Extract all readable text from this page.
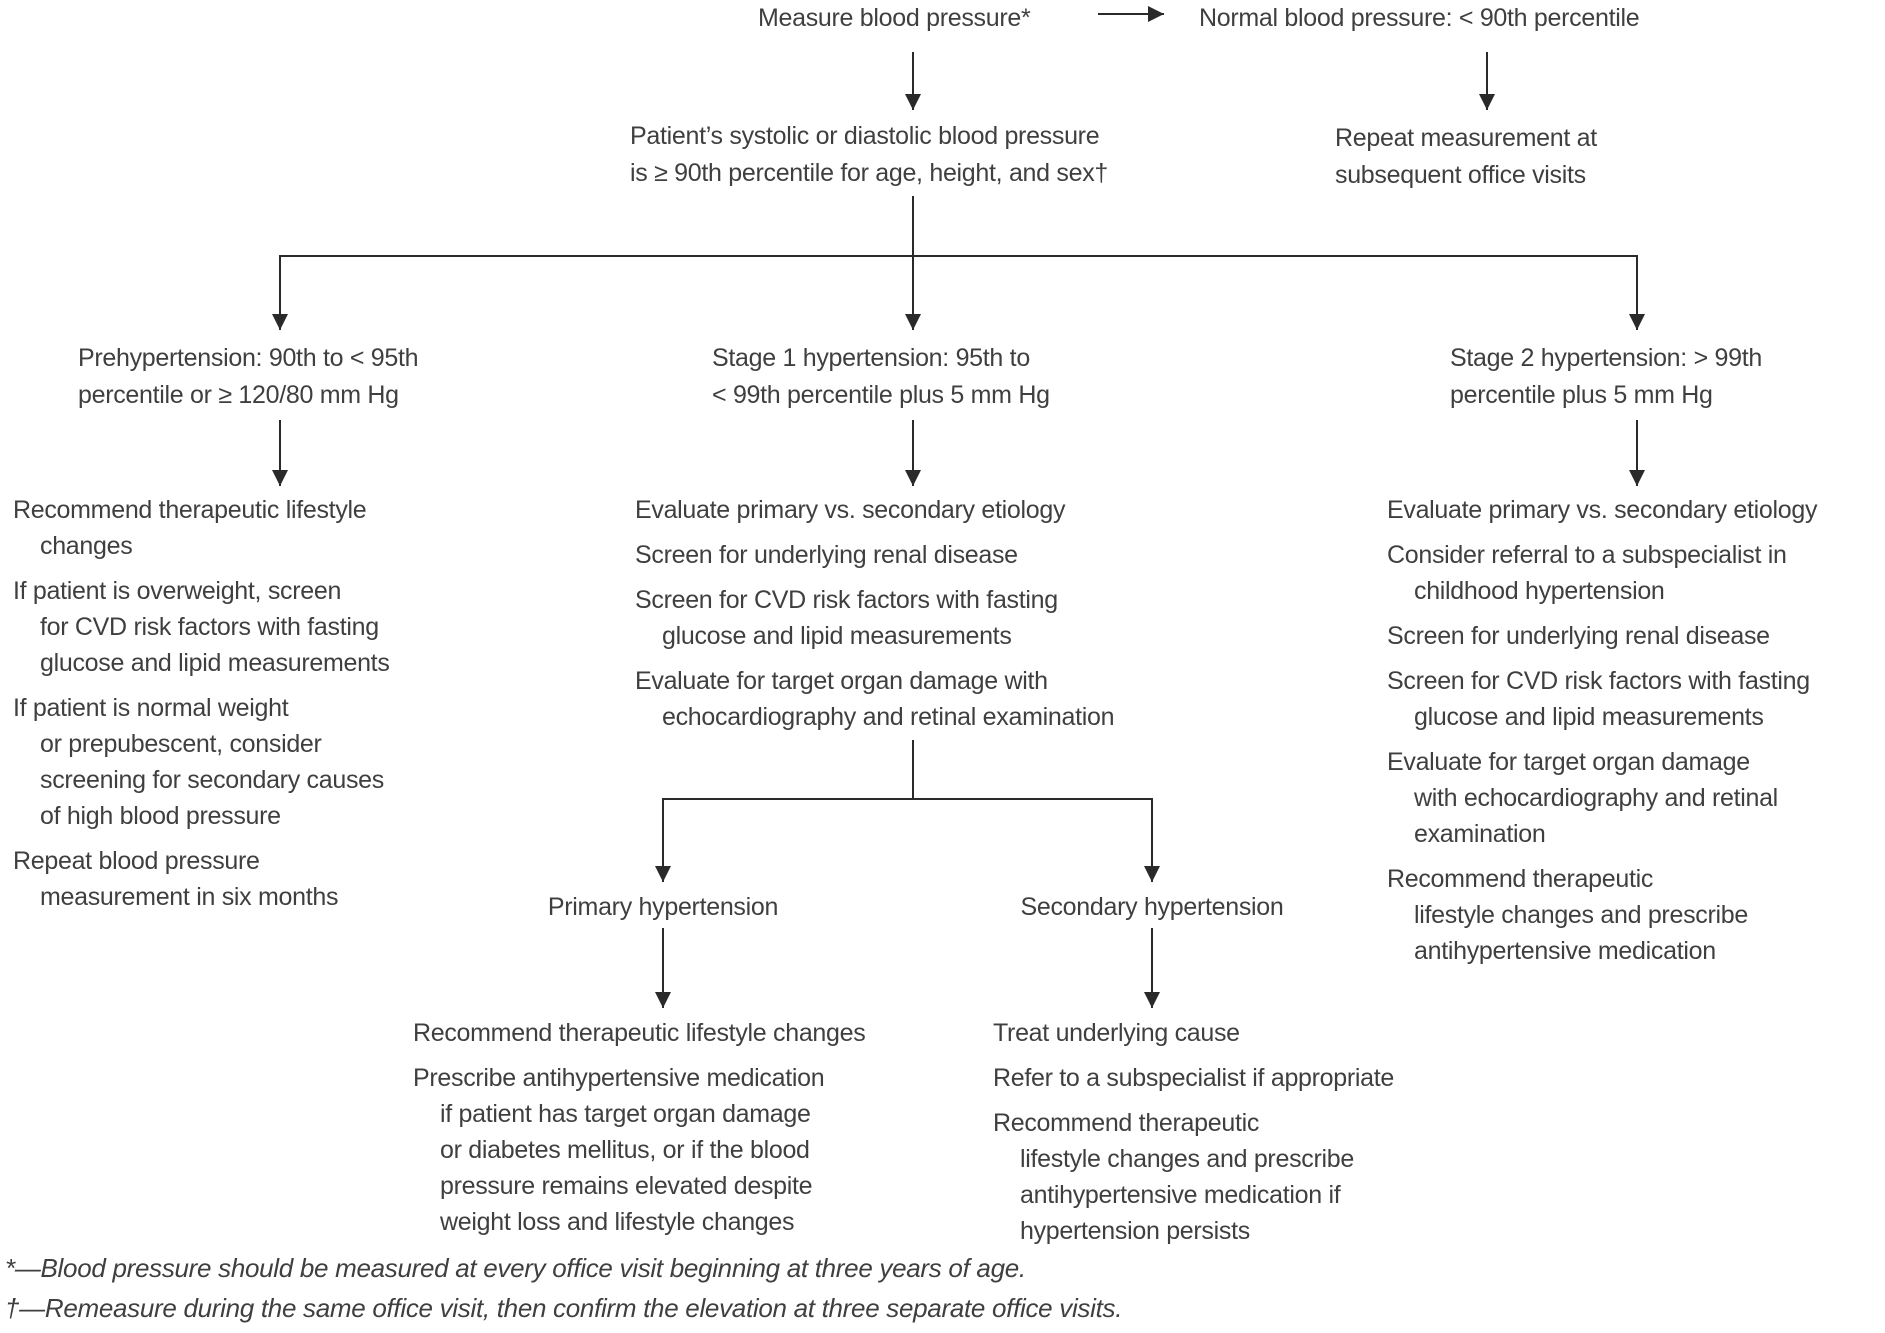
Measure blood pressure*	Normal blood pressure: < 90th percentile
Patient’s systolic or diastolic blood pressure
is ≥ 90th percentile for age, height, and sex†
Repeat measurement at
subsequent office visits
Prehypertension: 90th to < 95th
percentile or ≥ 120/80 mm Hg
Stage 1 hypertension: 95th to
< 99th percentile plus 5 mm Hg
Stage 2 hypertension: > 99th
percentile plus 5 mm Hg
Recommend therapeutic lifestyle
changes
If patient is overweight, screen
for CVD risk factors with fasting
glucose and lipid measurements
If patient is normal weight
or prepubescent, consider
screening for secondary causes
of high blood pressure
Repeat blood pressure
measurement in six months
Evaluate primary vs. secondary etiology
Screen for underlying renal disease
Screen for CVD risk factors with fasting
glucose and lipid measurements
Evaluate for target organ damage with
echocardiography and retinal examination
Evaluate primary vs. secondary etiology
Consider referral to a subspecialist in
childhood hypertension
Screen for underlying renal disease
Screen for CVD risk factors with fasting
glucose and lipid measurements
Evaluate for target organ damage
with echocardiography and retinal
examination
Recommend therapeutic
lifestyle changes and prescribe
antihypertensive medication
Primary hypertension	Secondary hypertension
Recommend therapeutic lifestyle changes
Prescribe antihypertensive medication
if patient has target organ damage
or diabetes mellitus, or if the blood
pressure remains elevated despite
weight loss and lifestyle changes
Treat underlying cause
Refer to a subspecialist if appropriate
Recommend therapeutic
lifestyle changes and prescribe
antihypertensive medication if
hypertension persists
*—Blood pressure should be measured at every office visit beginning at three years of age.
†—Remeasure during the same office visit, then confirm the elevation at three separate office visits.
